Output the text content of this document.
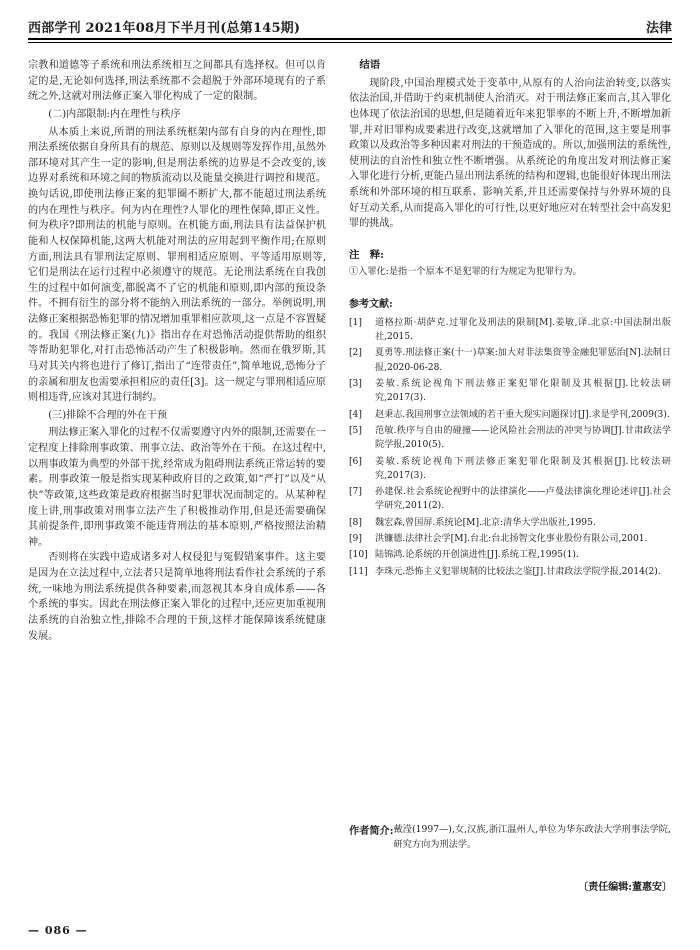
西部学刊 2021年08月下半月刊(总第145期)	法律

宗教和道德等子系统和刑法系统相互之间都具有选择权。但可以肯定的是,无论如何选择,刑法系统都不会超脱于外部环境现有的子系统之外,这就对刑法修正案入罪化构成了一定的限制。

(二)内部限制:内在理性与秩序

从本质上来说,所谓的刑法系统框架内部有自身的内在理性,即刑法系统依据自身所具有的规范、原则以及规则等发挥作用,虽然外部环境对其产生一定的影响,但是刑法系统的边界是不会改变的,该边界对系统和环境之间的物质流动以及能量交换进行调控和规范。换句话说,即使刑法修正案的犯罪圈不断扩大,都不能超过刑法系统的内在理性与秩序。何为内在理性?人罪化的理性保障,即正义性。何为秩序?即刑法的机能与原则。在机能方面,刑法具有法益保护机能和人权保障机能,这两大机能对刑法的应用起到平衡作用;在原则方面,刑法具有罪刑法定原则、罪刑相适应原则、平等适用原则等,它们是刑法在运行过程中必须遵守的规范。无论刑法系统在自我创生的过程中如何演变,都脱离不了它的机能和原则,即内部的预设条件。不拥有衍生的部分将不能纳入刑法系统的一部分。举例说明,刑法修正案根据恐怖犯罪的情况增加重罪相应款项,这一点是不容置疑的。我国《刑法修正案(九)》指出存在对恐怖活动提供帮助的组织等帮助犯罪化,对打击恐怖活动产生了积极影响。然而在俄罗斯,其马对其关内将也进行了修订,指出了“连带责任”,简单地说,恐怖分子的亲属和朋友也需要承担相应的责任[3]。这一规定与罪刑相适应原则相违背,应该对其进行制约。

(三)排除不合理的外在干预

刑法修正案入罪化的过程不仅需要遵守内外的限制,还需要在一定程度上排除刑事政策、刑事立法、政治等外在干预。在这过程中,以刑事政策为典型的外部干扰,经常成为阻碍刑法系统正常运转的要素。刑事政策一般是指实现某种政府目的之政策,如“严打”以及“从快”等政策,这些政策是政府根据当时犯罪状况而制定的。从某种程度上讲,刑事政策对刑事立法产生了积极推动作用,但是还需要确保其前提条件,即刑事政策不能违背刑法的基本原则,严格按照法治精神。

否则将在实践中造成诸多对人权侵犯与冤假错案事件。这主要是因为在立法过程中,立法者只是简单地将刑法看作社会系统的子系统,一味地为刑法系统提供各种要素,而忽视其本身自成体系——各个系统的事实。因此在刑法修正案入罪化的过程中,还应更加重视刑法系统的自治独立性,排除不合理的干预,这样才能保障该系统健康发展。

结语

现阶段,中国治理模式处于变革中,从原有的人治向法治转变,以落实依法治国,并借助于约束机制使人治消灭。对于刑法修正案而言,其入罪化也体现了依法治国的思想,但是随着近年来犯罪率的不断上升,不断增加新罪,并对旧罪构成要素进行改变,这就增加了入罪化的范围,这主要是刑事政策以及政治等多种因素对刑法的干预造成的。所以,加强刑法的系统性,使刑法的自治性和独立性不断增强。从系统论的角度出发对刑法修正案入罪化进行分析,更能凸显出刑法系统的结构和逻辑,也能很好体现出刑法系统和外部环境的相互联系、影响关系,并且还需要保持与外界环境的良好互动关系,从而提高入罪化的可行性,以更好地应对在转型社会中高发犯罪的挑战。

注　释:
①入罪化:是指一个原本不是犯罪的行为规定为犯罪行为。
参考文献:
[1]	道格拉斯·胡萨克.过罪化及刑法的限制[M].姜敏,译.北京:中国法制出版社,2015.
[2]	夏勇等.刑法修正案(十一)草案:加大对非法集资等金融犯罪惩治[N].法制日报,2020-06-28.
[3]	姜敏.系统论视角下刑法修正案犯罪化限制及其根据[J].比较法研究,2017(3).
[4]	赵秉志.我国刑事立法领域的若干重大现实问题探讨[J].求是学刊,2009(3).
[5]	范敏.秩序与自由的碰撞——论风险社会刑法的冲突与协调[J].甘肃政法学院学报,2010(5).
[6]	姜敏.系统论视角下刑法修正案犯罪化限制及其根据[J].比较法研究,2017(3).
[7]	孙建保.社会系统论视野中的法律演化——卢曼法律演化理论述评[J].社会学研究,2011(2).
[8]	魏宏森,曾国屏.系统论[M].北京:清华大学出版社,1995.
[9]	洪镰德.法律社会学[M].台北:台北扬智文化事业股份有限公司,2001.
[10] 陆锦鸿.论系统的开创演进性[J].系统工程,1995(1).
[11] 李珠元.恐怖主义犯罪规制的比较法之鉴[J].甘肃政法学院学报,2014(2).
作者简介: 戴滢(1997—),女,汉族,浙江温州人,单位为华东政法大学刑事法学院,研究方向为刑法学。
〔责任编辑:董惠安〕
— 086 —
